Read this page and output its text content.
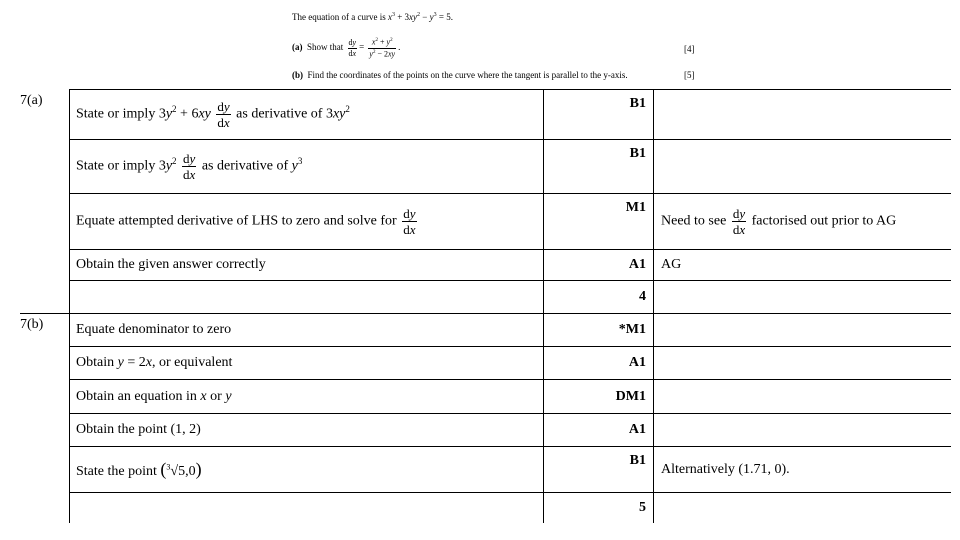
The equation of a curve is $x^3 + 3xy^2 - y^3 = 5$.
(a) Show that $\frac{dy}{dx} = \frac{x^2 + y^2}{y^2 - 2xy}$ .	[4]
(b) Find the coordinates of the points on the curve where the tangent is parallel to the y-axis.	[5]
7(a)	State or imply $3y^2 + 6xy \frac{dy}{dx}$ as derivative of $3xy^2$	B1	
	State or imply $3y^2 \frac{dy}{dx}$ as derivative of $y^3$	B1	
	Equate attempted derivative of LHS to zero and solve for $\frac{dy}{dx}$	M1	Need to see $\frac{dy}{dx}$ factorised out prior to AG
	Obtain the given answer correctly	A1	AG
		4	
7(b)	Equate denominator to zero	*M1	
	Obtain y = 2x, or equivalent	A1	
	Obtain an equation in x or y	DM1	
	Obtain the point (1, 2)	A1	
	State the point ($^3$√5,0)	B1	Alternatively (1.71, 0).
		5	
